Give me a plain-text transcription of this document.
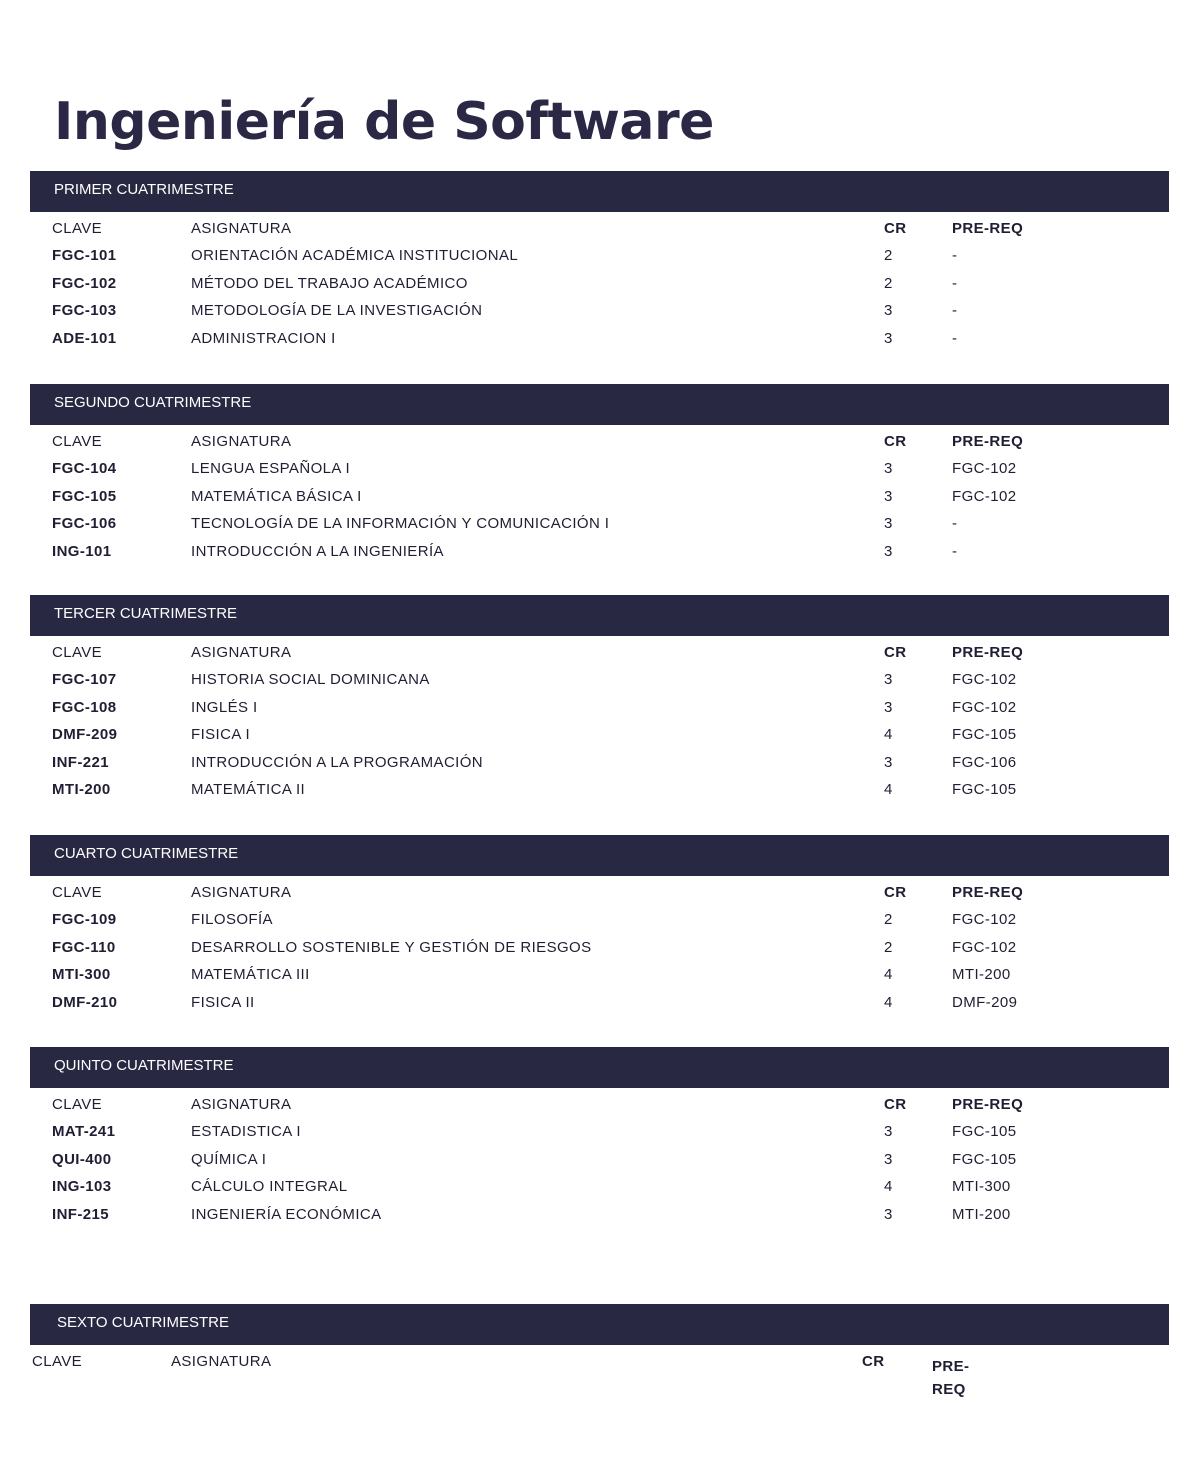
Ingeniería de Software
PRIMER CUATRIMESTRE
CLAVE	ASIGNATURA	CR	PRE-REQ
FGC-101	ORIENTACIÓN ACADÉMICA INSTITUCIONAL	2	-
FGC-102	MÉTODO DEL TRABAJO ACADÉMICO	2	-
FGC-103	METODOLOGÍA DE LA INVESTIGACIÓN	3	-
ADE-101	ADMINISTRACION I	3	-
SEGUNDO CUATRIMESTRE
CLAVE	ASIGNATURA	CR	PRE-REQ
FGC-104	LENGUA ESPAÑOLA I	3	FGC-102
FGC-105	MATEMÁTICA BÁSICA I	3	FGC-102
FGC-106	TECNOLOGÍA DE LA INFORMACIÓN Y COMUNICACIÓN I	3	-
ING-101	INTRODUCCIÓN A LA INGENIERÍA	3	-
TERCER CUATRIMESTRE
CLAVE	ASIGNATURA	CR	PRE-REQ
FGC-107	HISTORIA SOCIAL DOMINICANA	3	FGC-102
FGC-108	INGLÉS I	3	FGC-102
DMF-209	FISICA I	4	FGC-105
INF-221	INTRODUCCIÓN A LA PROGRAMACIÓN	3	FGC-106
MTI-200	MATEMÁTICA II	4	FGC-105
CUARTO CUATRIMESTRE
CLAVE	ASIGNATURA	CR	PRE-REQ
FGC-109	FILOSOFÍA	2	FGC-102
FGC-110	DESARROLLO SOSTENIBLE Y GESTIÓN DE RIESGOS	2	FGC-102
MTI-300	MATEMÁTICA III	4	MTI-200
DMF-210	FISICA II	4	DMF-209
QUINTO CUATRIMESTRE
CLAVE	ASIGNATURA	CR	PRE-REQ
MAT-241	ESTADISTICA I	3	FGC-105
QUI-400	QUÍMICA I	3	FGC-105
ING-103	CÁLCULO INTEGRAL	4	MTI-300
INF-215	INGENIERÍA ECONÓMICA	3	MTI-200
SEXTO CUATRIMESTRE
CLAVE	ASIGNATURA	CR	PRE-
REQ
